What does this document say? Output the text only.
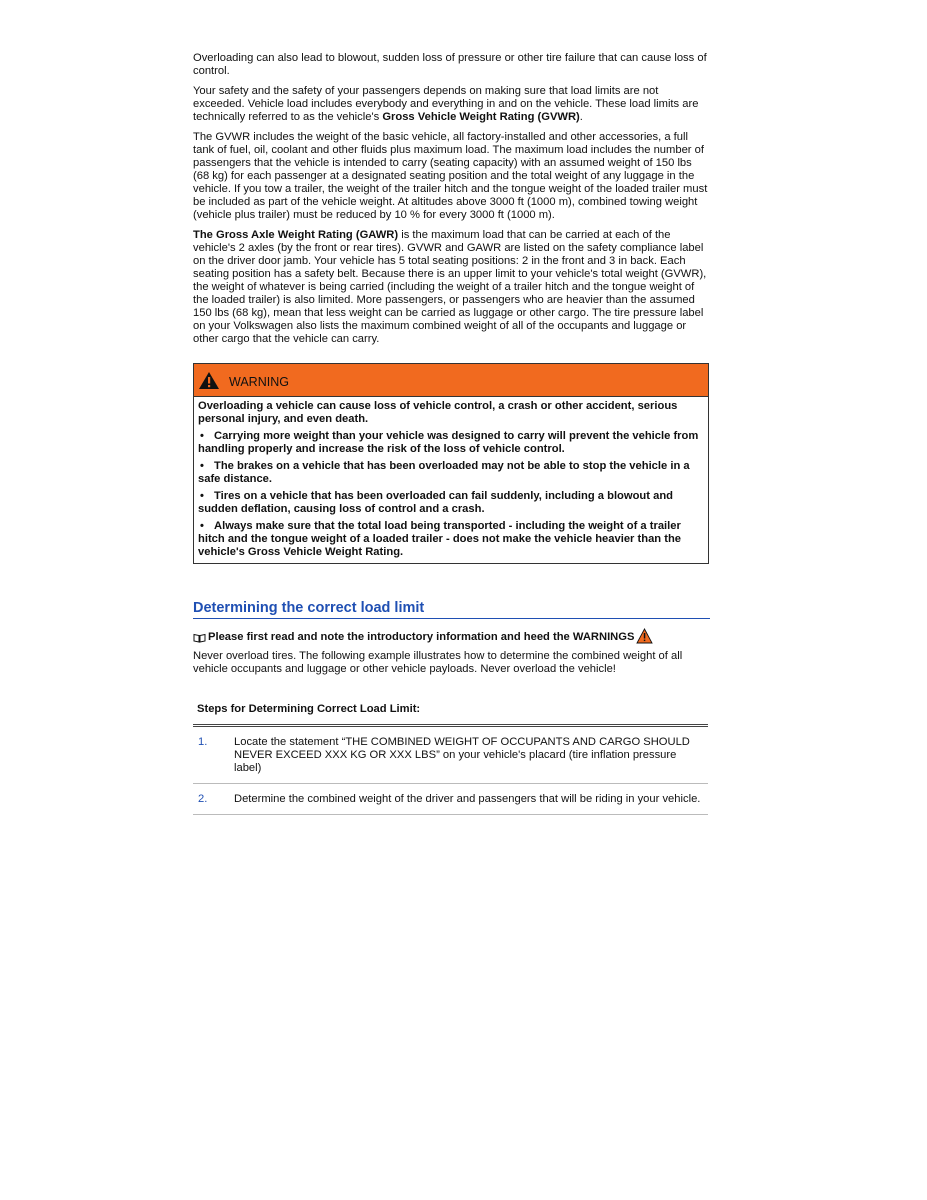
Overloading can also lead to blowout, sudden loss of pressure or other tire failure that can cause loss of control.

Your safety and the safety of your passengers depends on making sure that load limits are not exceeded. Vehicle load includes everybody and everything in and on the vehicle. These load limits are technically referred to as the vehicle's Gross Vehicle Weight Rating (GVWR).

The GVWR includes the weight of the basic vehicle, all factory-installed and other accessories, a full tank of fuel, oil, coolant and other fluids plus maximum load. The maximum load includes the number of passengers that the vehicle is intended to carry (seating capacity) with an assumed weight of 150 lbs (68 kg) for each passenger at a designated seating position and the total weight of any luggage in the vehicle. If you tow a trailer, the weight of the trailer hitch and the tongue weight of the loaded trailer must be included as part of the vehicle weight. At altitudes above 3000 ft (1000 m), combined towing weight (vehicle plus trailer) must be reduced by 10 % for every 3000 ft (1000 m).

The Gross Axle Weight Rating (GAWR) is the maximum load that can be carried at each of the vehicle's 2 axles (by the front or rear tires). GVWR and GAWR are listed on the safety compliance label on the driver door jamb. Your vehicle has 5 total seating positions: 2 in the front and 3 in back. Each seating position has a safety belt. Because there is an upper limit to your vehicle's total weight (GVWR), the weight of whatever is being carried (including the weight of a trailer hitch and the tongue weight of the loaded trailer) is also limited. More passengers, or passengers who are heavier than the assumed 150 lbs (68 kg), mean that less weight can be carried as luggage or other cargo. The tire pressure label on your Volkswagen also lists the maximum combined weight of all of the occupants and luggage or other cargo that the vehicle can carry.

WARNING

Overloading a vehicle can cause loss of vehicle control, a crash or other accident, serious personal injury, and even death.

• Carrying more weight than your vehicle was designed to carry will prevent the vehicle from handling properly and increase the risk of the loss of vehicle control.
• The brakes on a vehicle that has been overloaded may not be able to stop the vehicle in a safe distance.
• Tires on a vehicle that has been overloaded can fail suddenly, including a blowout and sudden deflation, causing loss of control and a crash.
• Always make sure that the total load being transported - including the weight of a trailer hitch and the tongue weight of a loaded trailer - does not make the vehicle heavier than the vehicle's Gross Vehicle Weight Rating.
Determining the correct load limit
Please first read and note the introductory information and heed the WARNINGS

Never overload tires. The following example illustrates how to determine the combined weight of all vehicle occupants and luggage or other vehicle payloads. Never overload the vehicle!

Steps for Determining Correct Load Limit:
1.	Locate the statement “THE COMBINED WEIGHT OF OCCUPANTS AND CARGO SHOULD NEVER EXCEED XXX KG OR XXX LBS” on your vehicle's placard (tire inflation pressure label)
2.	Determine the combined weight of the driver and passengers that will be riding in your vehicle.
